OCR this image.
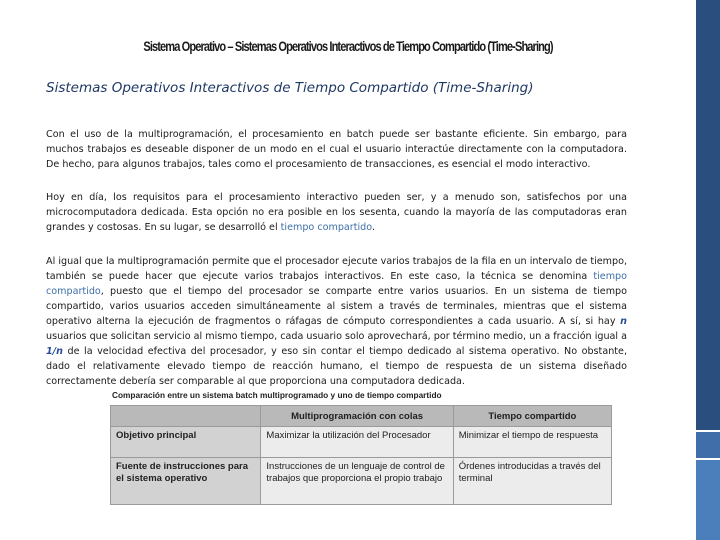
Sistema Operativo – Sistemas Operativos Interactivos de Tiempo Compartido (Time-Sharing)
Sistemas Operativos Interactivos de Tiempo Compartido (Time-Sharing)

Con el uso de la multiprogramación, el procesamiento en batch puede ser bastante eficiente. Sin embargo, para muchos trabajos es deseable disponer de un modo en el cual el usuario interactúe directamente con la computadora. De hecho, para algunos trabajos, tales como el procesamiento de transacciones, es esencial el modo interactivo.

Hoy en día, los requisitos para el procesamiento interactivo pueden ser, y a menudo son, satisfechos por una microcomputadora dedicada. Esta opción no era posible en los sesenta, cuando la mayoría de las computadoras eran grandes y costosas. En su lugar, se desarrolló el tiempo compartido.

Al igual que la multiprogramación permite que el procesador ejecute varios trabajos de la fila en un intervalo de tiempo, también se puede hacer que ejecute varios trabajos interactivos. En este caso, la técnica se denomina tiempo compartido, puesto que el tiempo del procesador se comparte entre varios usuarios. En un sistema de tiempo compartido, varios usuarios acceden simultáneamente al sistem a través de terminales, mientras que el sistema operativo alterna la ejecución de fragmentos o ráfagas de cómputo correspondientes a cada usuario. A sí, si hay n usuarios que solicitan servicio al mismo tiempo, cada usuario solo aprovechará, por término medio, un a fracción igual a 1/n de la velocidad efectiva del procesador, y eso sin contar el tiempo dedicado al sistema operativo. No obstante, dado el relativamente elevado tiempo de reacción humano, el tiempo de respuesta de un sistema diseñado correctamente debería ser comparable al que proporciona una computadora dedicada.

Comparación entre un sistema batch multiprogramado y uno de tiempo compartido
	Multiprogramación con colas	Tiempo compartido
Objetivo principal	Maximizar la utilización del Procesador	Minimizar el tiempo de respuesta
Fuente de instrucciones para el sistema operativo	Instrucciones de un lenguaje de control de trabajos que proporciona el propio trabajo	Órdenes introducidas a través del terminal
